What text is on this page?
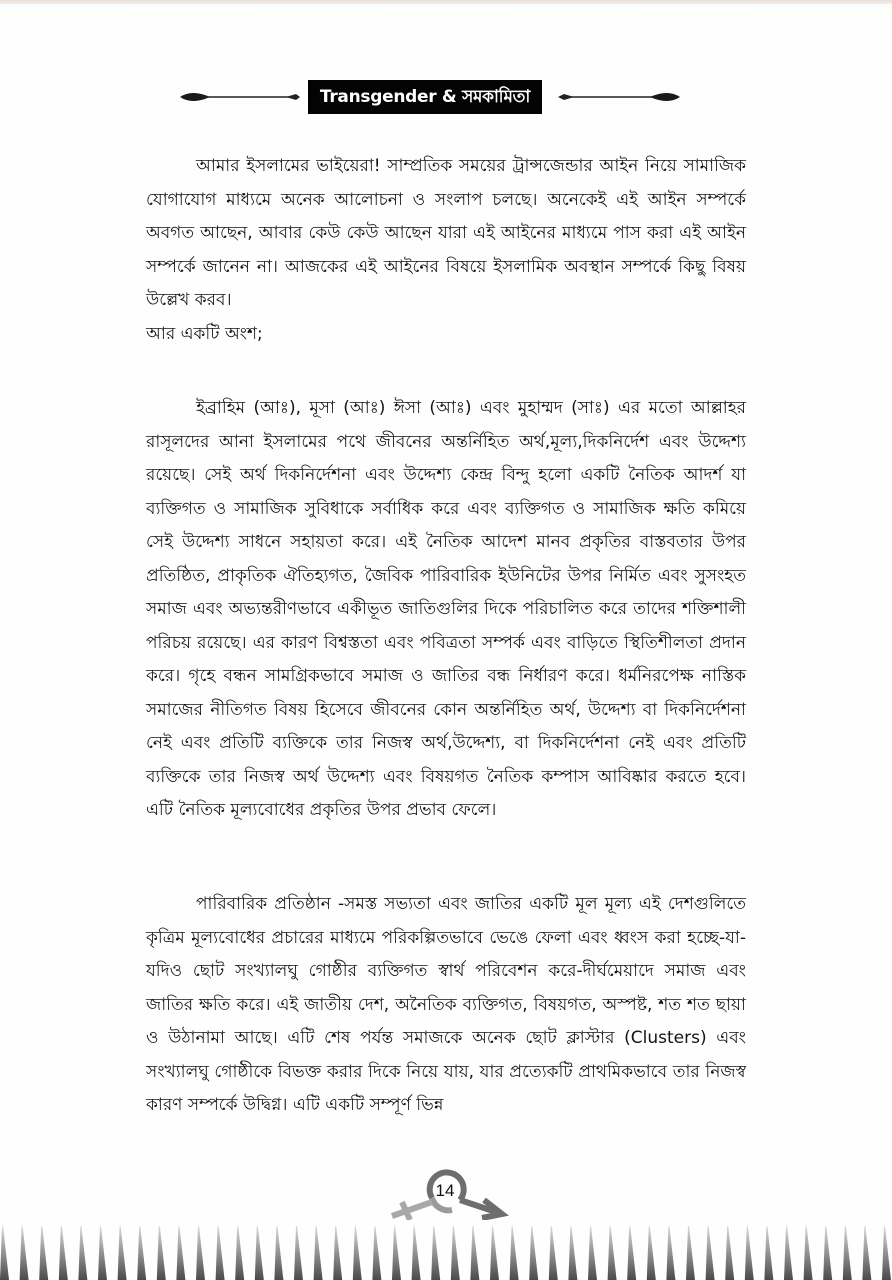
Transgender & সমকামিতা

আমার ইসলামের ভাইয়েরা! সাম্প্রতিক সময়ের ট্রান্সজেন্ডার আইন নিয়ে সামাজিক যোগাযোগ মাধ্যমে অনেক আলোচনা ও সংলাপ চলছে। অনেকেই এই আইন সম্পর্কে অবগত আছেন, আবার কেউ কেউ আছেন যারা এই আইনের মাধ্যমে পাস করা এই আইন সম্পর্কে জানেন না। আজকের এই আইনের বিষয়ে ইসলামিক অবস্থান সম্পর্কে কিছু বিষয় উল্লেখ করব।

আর একটি অংশ;

ইব্রাহিম (আঃ), মূসা (আঃ) ঈসা (আঃ) এবং মুহাম্মদ (সাঃ) এর মতো আল্লাহর রাসূলদের আনা ইসলামের পথে জীবনের অন্তর্নিহিত অর্থ,মূল্য,দিকনির্দেশ এবং উদ্দেশ্য রয়েছে। সেই অর্থ দিকনির্দেশনা এবং উদ্দেশ্য কেন্দ্র বিন্দু হলো একটি নৈতিক আদর্শ যা ব্যক্তিগত ও সামাজিক সুবিধাকে সর্বাধিক করে এবং ব্যক্তিগত ও সামাজিক ক্ষতি কমিয়ে সেই উদ্দেশ্য সাধনে সহায়তা করে। এই নৈতিক আদেশ মানব প্রকৃতির বাস্তবতার উপর প্রতিষ্ঠিত, প্রাকৃতিক ঐতিহ্যগত, জৈবিক পারিবারিক ইউনিটের উপর নির্মিত এবং সুসংহত সমাজ এবং অভ্যন্তরীণভাবে একীভূত জাতিগুলির দিকে পরিচালিত করে তাদের শক্তিশালী পরিচয় রয়েছে। এর কারণ বিশ্বস্ততা এবং পবিত্রতা সম্পর্ক এবং বাড়িতে স্থিতিশীলতা প্রদান করে। গৃহে বন্ধন সামগ্রিকভাবে সমাজ ও জাতির বন্ধ নির্ধারণ করে। ধর্মনিরপেক্ষ নাস্তিক সমাজের নীতিগত বিষয় হিসেবে জীবনের কোন অন্তর্নিহিত অর্থ, উদ্দেশ্য বা দিকনির্দেশনা নেই এবং প্রতিটি ব্যক্তিকে তার নিজস্ব অর্থ,উদ্দেশ্য, বা দিকনির্দেশনা নেই এবং প্রতিটি ব্যক্তিকে তার নিজস্ব অর্থ উদ্দেশ্য এবং বিষয়গত নৈতিক কম্পাস আবিষ্কার করতে হবে। এটি নৈতিক মূল্যবোধের প্রকৃতির উপর প্রভাব ফেলে।

পারিবারিক প্রতিষ্ঠান -সমস্ত সভ্যতা এবং জাতির একটি মূল মূল্য এই দেশগুলিতে কৃত্রিম মূল্যবোধের প্রচারের মাধ্যমে পরিকল্পিতভাবে ভেঙে ফেলা এবং ধ্বংস করা হচ্ছে-যা-যদিও ছোট সংখ্যালঘু গোষ্ঠীর ব্যক্তিগত স্বার্থ পরিবেশন করে-দীর্ঘমেয়াদে সমাজ এবং জাতির ক্ষতি করে। এই জাতীয় দেশ, অনৈতিক ব্যক্তিগত, বিষয়গত, অস্পষ্ট, শত শত ছায়া ও উঠানামা আছে। এটি শেষ পর্যন্ত সমাজকে অনেক ছোট ক্লাস্টার (Clusters) এবং সংখ্যালঘু গোষ্ঠীকে বিভক্ত করার দিকে নিয়ে যায়, যার প্রত্যেকটি প্রাথমিকভাবে তার নিজস্ব কারণ সম্পর্কে উদ্বিগ্ন। এটি একটি সম্পূর্ণ ভিন্ন

14
